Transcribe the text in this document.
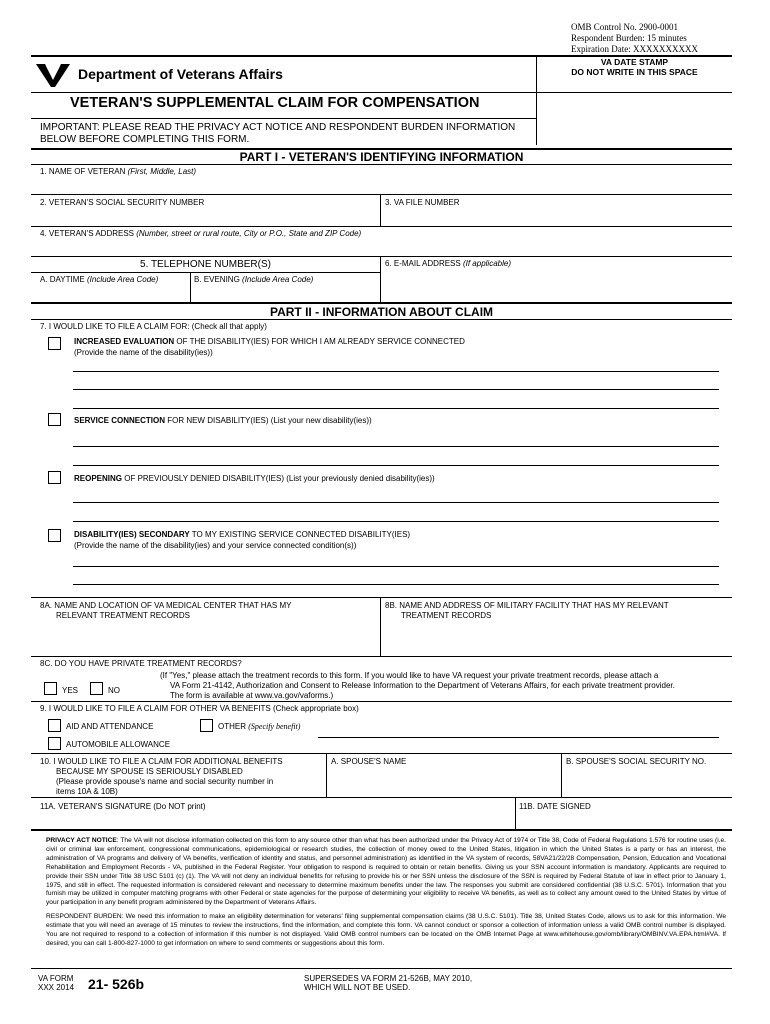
OMB Control No. 2900-0001
Respondent Burden: 15 minutes
Expiration Date: XXXXXXXXXX
VA DATE STAMP
DO NOT WRITE IN THIS SPACE
Department of Veterans Affairs
VETERAN'S SUPPLEMENTAL CLAIM FOR COMPENSATION
IMPORTANT: PLEASE READ THE PRIVACY ACT NOTICE AND RESPONDENT BURDEN INFORMATION BELOW BEFORE COMPLETING THIS FORM.
PART I - VETERAN'S IDENTIFYING INFORMATION
1. NAME OF VETERAN (First, Middle, Last)
2. VETERAN'S SOCIAL SECURITY NUMBER	3. VA FILE NUMBER
4. VETERAN'S ADDRESS (Number, street or rural route, City or P.O., State and ZIP Code)
5. TELEPHONE NUMBER(S)	6. E-MAIL ADDRESS (If applicable)
A. DAYTIME (Include Area Code)	B. EVENING (Include Area Code)
PART II - INFORMATION ABOUT CLAIM
7. I WOULD LIKE TO FILE A CLAIM FOR: (Check all that apply)
INCREASED EVALUATION OF THE DISABILITY(IES) FOR WHICH I AM ALREADY SERVICE CONNECTED
(Provide the name of the disability(ies))
SERVICE CONNECTION FOR NEW DISABILITY(IES) (List your new disability(ies))
REOPENING OF PREVIOUSLY DENIED DISABILITY(IES) (List your previously denied disability(ies))
DISABILITY(IES) SECONDARY TO MY EXISTING SERVICE CONNECTED DISABILITY(IES)
(Provide the name of the disability(ies) and your service connected condition(s))
8A. NAME AND LOCATION OF VA MEDICAL CENTER THAT HAS MY
RELEVANT TREATMENT RECORDS
8B. NAME AND ADDRESS OF MILITARY FACILITY THAT HAS MY RELEVANT
TREATMENT RECORDS
8C. DO YOU HAVE PRIVATE TREATMENT RECORDS?
(If "Yes," please attach the treatment records to this form. If you would like to have VA request your private treatment records, please attach a
VA Form 21-4142, Authorization and Consent to Release Information to the Department of Veterans Affairs, for each private treatment provider.
The form is available at www.va.gov/vaforms.)
YES	NO
9. I WOULD LIKE TO FILE A CLAIM FOR OTHER VA BENEFITS (Check appropriate box)
AID AND ATTENDANCE	OTHER (Specify benefit)
AUTOMOBILE ALLOWANCE
10. I WOULD LIKE TO FILE A CLAIM FOR ADDITIONAL BENEFITS
BECAUSE MY SPOUSE IS SERIOUSLY DISABLED
(Please provide spouse's name and social security number in
items 10A & 10B)
A. SPOUSE'S NAME	B. SPOUSE'S SOCIAL SECURITY NO.
11A. VETERAN'S SIGNATURE (Do NOT print)	11B. DATE SIGNED
PRIVACY ACT NOTICE: The VA will not disclose information collected on this form to any source other than what has been authorized under the Privacy Act of 1974 or Title 38, Code of Federal Regulations 1.576 for routine uses (i.e. civil or criminal law enforcement, congressional communications, epidemiological or research studies, the collection of money owed to the United States, litigation in which the United States is a party or has an interest, the administration of VA programs and delivery of VA benefits, verification of identity and status, and personnel administration) as identified in the VA system of records, 58VA21/22/28 Compensation, Pension, Education and Vocational Rehabilitation and Employment Records - VA, published in the Federal Register. Your obligation to respond is required to obtain or retain benefits. Giving us your SSN account information is mandatory. Applicants are required to provide their SSN under Title 38 USC 5101 (c) (1). The VA will not deny an individual benefits for refusing to provide his or her SSN unless the disclosure of the SSN is required by Federal Statute of law in effect prior to January 1, 1975, and still in effect. The requested information is considered relevant and necessary to determine maximum benefits under the law. The responses you submit are considered confidential (38 U.S.C. 5701). Information that you furnish may be utilized in computer matching programs with other Federal or state agencies for the purpose of determining your eligibility to receive VA benefits, as well as to collect any amount owed to the United States by virtue of your participation in any benefit program administered by the Department of Veterans Affairs.
RESPONDENT BURDEN: We need this information to make an eligibility determination for veterans' filing supplemental compensation claims (38 U.S.C. 5101). Title 38, United States Code, allows us to ask for this information. We estimate that you will need an average of 15 minutes to review the instructions, find the information, and complete this form. VA cannot conduct or sponsor a collection of information unless a valid OMB control number is displayed. You are not required to respond to a collection of information if this number is not displayed. Valid OMB control numbers can be located on the OMB Internet Page at www.whitehouse.gov/omb/library/OMBINV.VA.EPA.html#VA. If desired, you can call 1-800-827-1000 to get information on where to send comments or suggestions about this form.
VA FORM
XXX 2014 21- 526b	SUPERSEDES VA FORM 21-526B, MAY 2010,
WHICH WILL NOT BE USED.
